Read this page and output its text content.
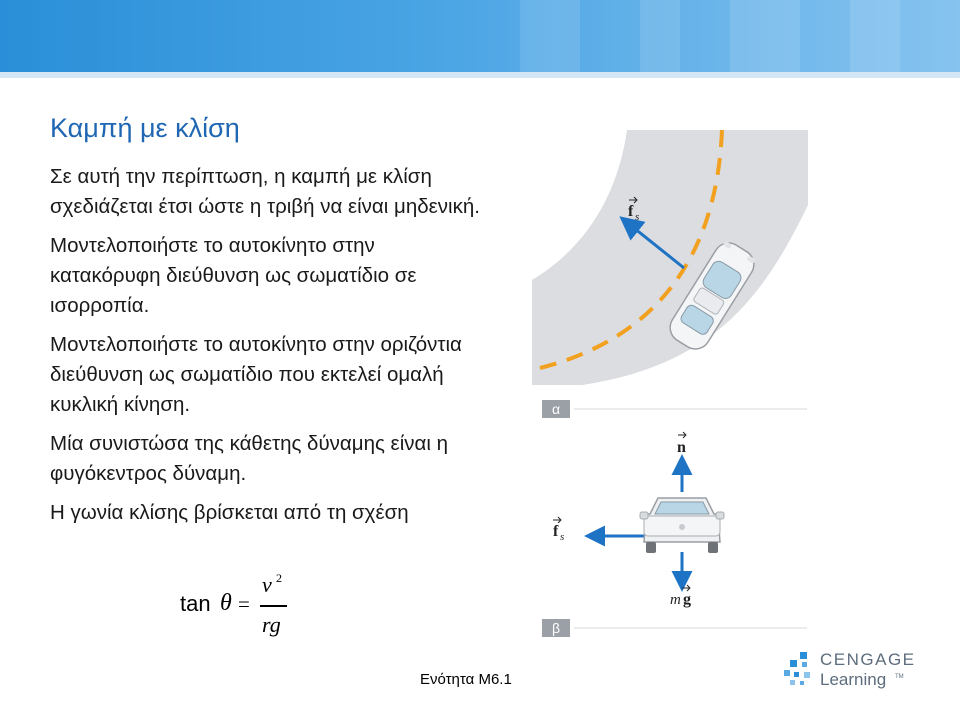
Καμπή με κλίση

Σε αυτή την περίπτωση, η καμπή με κλίση σχεδιάζεται έτσι ώστε η τριβή να είναι μηδενική.

Μοντελοποιήστε το αυτοκίνητο στην κατακόρυφη διεύθυνση ως σωματίδιο σε ισορροπία.

Μοντελοποιήστε το αυτοκίνητο στην οριζόντια διεύθυνση ως σωματίδιο που εκτελεί ομαλή κυκλική κίνηση.

Μία συνιστώσα της κάθετης δύναμης είναι η φυγόκεντρος δύναμη.

Η γωνία κλίσης βρίσκεται από τη σχέση

tan θ =
v 2
rg
f s
α
n
f s
m g
β
Ενότητα Μ6.1
CENGAGE
Learning TM
